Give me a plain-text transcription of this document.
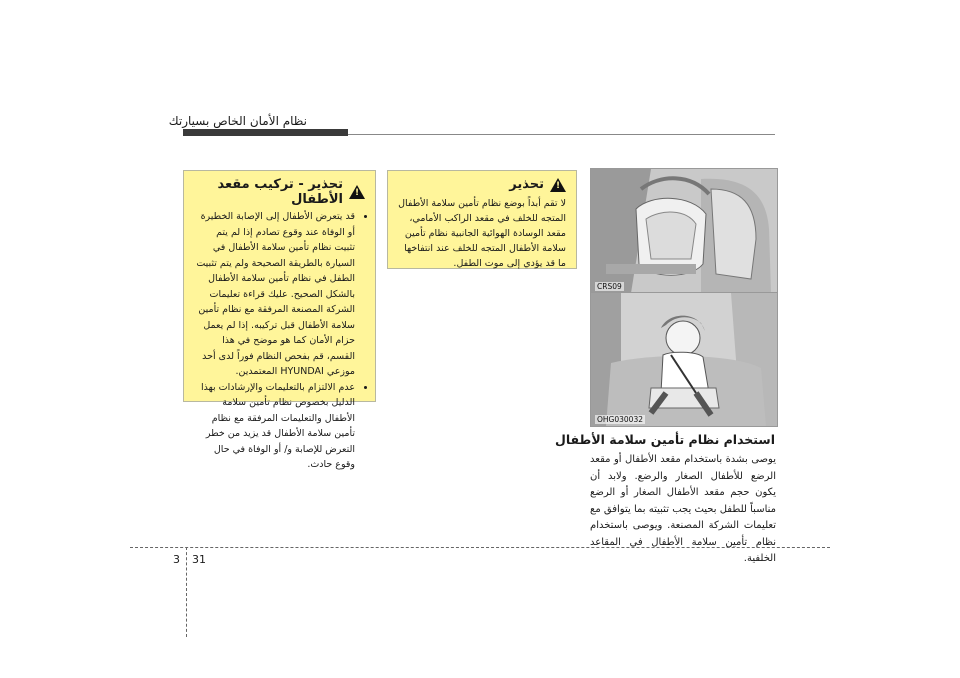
نظام الأمان الخاص بسيارتك
!
تحذير - تركيب مقعد الأطفال
• قد يتعرض الأطفال إلى الإصابة الخطيرة أو الوفاة عند وقوع تصادم إذا لم يتم تثبيت نظام تأمين سلامة الأطفال في السيارة بالطريقة الصحيحة ولم يتم تثبيت الطفل في نظام تأمين سلامة الأطفال بالشكل الصحيح. عليك قراءة تعليمات الشركة المصنعة المرفقة مع نظام تأمين سلامة الأطفال قبل تركيبه. إذا لم يعمل حزام الأمان كما هو موضح في هذا القسم، قم بفحص النظام فوراً لدى أحد موزعي HYUNDAI المعتمدين.
• عدم الالتزام بالتعليمات والإرشادات بهذا الدليل بخصوص نظام تأمين سلامة الأطفال والتعليمات المرفقة مع نظام تأمين سلامة الأطفال قد يزيد من خطر التعرض للإصابة و/ أو الوفاة في حال وقوع حادث.
!
تحذير

لا تقم أبداً بوضع نظام تأمين سلامة الأطفال المتجه للخلف في مقعد الراكب الأمامي، مقعد الوسادة الهوائية الجانبية نظام تأمين سلامة الأطفال المتجه للخلف عند انتفاخها ما قد يؤدي إلى موت الطفل.

CRS09
OHG030032
استخدام نظام تأمين سلامة الأطفال
يوصى بشدة باستخدام مقعد الأطفال أو مقعد الرضع للأطفال الصغار والرضع. ولابد أن يكون حجم مقعد الأطفال الصغار أو الرضع مناسباً للطفل بحيث يجب تثبيته بما يتوافق مع تعليمات الشركة المصنعة. ويوصى باستخدام نظام تأمين سلامة الأطفال في المقاعد الخلفية.
3 31
